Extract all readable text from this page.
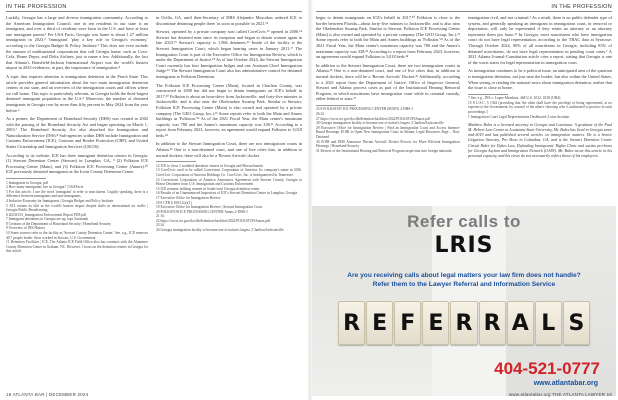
IN THE PROFESSION	IN THE PROFESSION

Luckily, Georgia has a large and diverse immigration community. According to the American Immigration Council, one in ten residents in our state is an immigrant, and over a third of residents were born in the U.S. and have at least one immigrant parent.¹ Per USA Facts, Georgia was home to about 1.27 million immigrants in 2023.² 'Immigrant' 'play a key role in Georgia's economy,' according to the Georgia Budget & Policy Institute.³ This does not even include the amount of multinational corporations that call Georgia home, such as Coca-Cola, Home Depot, and Delta Airlines, just to name a few. Additionally, the fact that Atlanta's Hartsfield-Jackson International Airport was the world's busiest airport in 2023 evidences, in part, the importance of immigration.⁴

A topic that requires attention is immigration detention in the Peach State. This article provides general information about the two main immigration detention centers in our state, and an overview of the immigration courts and offices where we call home. This topic is particularly relevant, as Georgia holds the third-largest detained immigrant population in the U.S.⁵ Moreover, the number of detained immigrants in Georgia rose by more than fifty percent in May 2024 from the year before.⁶

As a primer, the Department of Homeland Security (DHS) was created in 2002 with the passing of the Homeland Security Act and began operating on March 1, 2003.⁷ The Homeland Security Act also absorbed the Immigration and Naturalization Service (INS).⁸ Sub-agencies within DHS include Immigration and Customs Enforcement (ICE), Customs and Border Protection (CBP), and United States Citizenship and Immigration Services (USCIS).

According to its website, ICE has three immigrant detention centers in Georgia: (1) Stewart Detention Center (Stewart) in Lumpkin, GA, ⁹ (2) Folkston ICE Processing Center (Main), and (3) Folkston ICE Processing Center (Annex).¹⁰ ICE previously detained immigrants at the Irwin County Detention Center

1 Immigrants in Georgia, pdf
2 How many immigrants live in Georgia? | USAFacts
3 For this article, I use the word 'immigrant' to refer to noncitizens. Legally speaking, there is a difference between immigrants and non-immigrants.
4 Inclusive Economy for Immigrants | Georgia Budget and Policy Institute
5 ATL retains its title as the world's busiest airport despite shifts in international air traffic | Georgia Public Broadcasting
6 20231013_Immigration Enforcement Report PDF.pdf
7 Immigrant detentions in Georgia are up, tops Savannah
8 Creation of the Department of Homeland Security | Homeland Security
9 Overview of INS History
10 Some sources refer to the facility as 'Stewart County Detention Center.' See, e.g., ICE removes 40.7 people leader. Stew worked in Stewart, U.S. Government
11 Detention Facilities | ICE. The Atlanta ICE Field Office also has contracts with the Alamance County Detention Center in Graham, NC. However, I focus on the detention centers in Georgia for this article.

in Ocilla, GA, until then-Secretary of DHS Alejandro Mayorkas ordered ICE to discontinue detaining people there 'as soon as possible' in 2021.¹²

Stewart, operated by a private company now called CoreCivic,¹³ opened in 2006.¹⁴ Stewart has detained men since its inception and began to detain women again in late 2023.¹⁵ Stewart's capacity is 1,966 detainees.¹⁶ Inside of the facility is the Stewart Immigration Court, which began hearing cases in January 2011.¹⁷ The Immigration Court is part of the Executive Office for Immigration Review, which is under the Department of Justice.¹⁸ As of late October 2024, the Stewart Immigration Court currently has four Immigration Judges and one Assistant Chief Immigration Judge.¹⁹ The Stewart Immigration Court also has administrative control for detained immigrants at Folkston Detention.

The Folkston ICE Processing Center (Main), located in Charlton County, was constructed in 2008 but did not begin to detain immigrants on ICE's behalf in 2017.²⁰ Folkston is about an hour-drive from Jacksonville, and forty-five minutes to Jacksonville, and is also near the Okefenokee Swamp Park. Similar to Stewart, Folkston ICE Processing Center (Main) is also owned and operated by a private company (The GEO Group, Inc.).²¹ Some reports refer to both the Main and Annex buildings as 'Folkston.'²² As of the 2021 Fiscal Year, the Main center's maximum capacity was 780 and the Annex's maximum capacity was 338.²³ According to a report from February 2023, however, an agreement would expand Folkston to 3,018 beds.²⁴

In addition to the Stewart Immigration Court, there are two immigration courts in Atlanta.²⁵ One is a non-detained court, and one of five cities that, in addition to normal dockets, there will also be a 'Recent Arrivals' docket.

12 ICE to close 2 troubled detention centers in Georgia and Massachusetts
13 CoreCivic used to be called Corrections Corporation of America. Its company's name in 2016. CoreCivic Corporation of America Holdings Co. CoreCivic, Inc. is headquartered in Tennessee.
14 Corrections Corporation of America Announces Agreement with Stewart County, Georgia to House Detainees from U.S. Immigration and Customs Enforcement
15 ICE resumes holding women in South-west Georgia detention center
16 Results of an Unannounced Inspection of ICE's Stewart Detention Center in Lumpkin, Georgia
17 Executive Office for Immigration Review
18 8 CFR § 1003.1(a)(1)
19 Executive Office for Immigration Review | Stewart Immigration Court
20 FOLKSTON ICE PROCESSING CENTER Annex 2-DHS-1
21 Id.
22 https://www.ice.gov/doclib/detention/facilities/2022/FOLKSTONAnnex.pdf
23 Id.
24 Georgia immigration facility to become one of nation's largest | Charlton/Jacksonville

begin to detain immigrants on ICE's behalf in 2017.²⁰ Folkston is close to the border between Florida—about forty-five minutes to Jacksonville, and is also near the Okefenokee Swamp Park. Similar to Stewart, Folkston ICE Processing Center (Main) is also owned and operated by a private company (The GEO Group, Inc.).²¹ Some reports refer to both the Main and Annex buildings as 'Folkston.'²² As of the 2021 Fiscal Year, the Main center's maximum capacity was 780 and the Annex's maximum capacity was 338.²³ According to a report from February 2023, however, an agreement would expand Folkston to 3,018 beds.²⁴

In addition to the Stewart Immigration Court, there are two immigration courts in Atlanta.²⁵ One is a non-detained court, and one of five cities that, in addition to normal dockets, there will be a 'Recent Arrivals' Docket.²⁶ Additionally, according to a 2021 report from the Department of Justice, Office of Inspector General, Stewart and Atlanta process cases as part of the Institutional Hearing Removal Program, in which noncitizens have immigration court while in criminal custody, either federal or state.²⁷

25 8 FOLKSTON ICE PROCESSING CENTER (MAIN) 2-DHS-1
26 Id.
27 https://www.ice.gov/doclib/detention/facilities/2022/FOLKSTONAnnex.pdf
28 Georgia immigration facility to become one of nation's largest | Charlton/Jacksonville
29 Executive Office for Immigration Review | Find an Immigration Court and Access Internet-Based Hearings: EOIR to Open New Immigration Court in Atlanta; Legal Resources Page – Non-Detained
30 EOIR and DHS Announce 'Recent Arrivals' Docket Process for More Efficient Immigration Hearings | Homeland Security
31 Review of the Institutional Hearing and Removal Program inspection into foreign nationals

immigration civil, and not criminal.¹ As a result, there is no public defender type of system, and generally speaking an immigrant in immigration court, in removal or deportation, will only be represented if they retain an attorney or an attorney represents them pro bono.¹¹ In Georgia, most noncitizens who have immigration court do not have legal representation, according to the TRAC data at Syracuse. Through October 2024, 80% of all noncitizens in Georgia, including 85% of detained noncitizens, do not have legal representation in pending court cases.¹ A 2021 Atlanta Journal-Constitution article cites a report, stating that Georgia is one of the worst states for legal representation in immigration court.

As immigration continues to be a political issue, an anticipated area of the question is immigration detention, not just near the border, but also within the United States. When seeing or reading the national news about immigration detention, realize that the issue is close to home.

7 See, e.g., INS v. Lopez-Mendoza, 468 U.S. 1032, 1038 (1984).
15 8 U.S.C. § 1362 (providing that 'the alien shall have the privilege of being represented, at no expense to the Government, by counsel of the alien's choosing who is authorized to practice in such proceedings.')
1 Immigration Court Legal Representation Dashboard | Lotus Institute.
Matthew Bales is a licensed attorney in Georgia and Louisiana. A graduate of the Paul M. Hebert Law Center at Louisiana State University, Mr. Bales has lived in Georgia since mid-2019 and has published several articles on immigration matters. He is a Senior Litigation Attorney, Pro Bono in Columbus, GA, and is the Stewart Detention Center Circuit Rider for Dykes Law, Defending Immigrants' Rights Clinic and assists pro-bono for Georgia Asylum and Immigration Network (GAIN). Mr. Bales wrote this article in his personal capacity, and his views do not necessarily reflect those of his employers.
Refer calls to
LRIS
Are you receiving calls about legal matters your law firm does not handle?
Refer them to the Lawyer Referral and Information Service
R E F E R R A L S
404-521-0777
www.atlantabar.org
18 ATLANTA BAR | DECEMBER 2024	www.atlantabar.org THE ATLANTA LAWYER 19
